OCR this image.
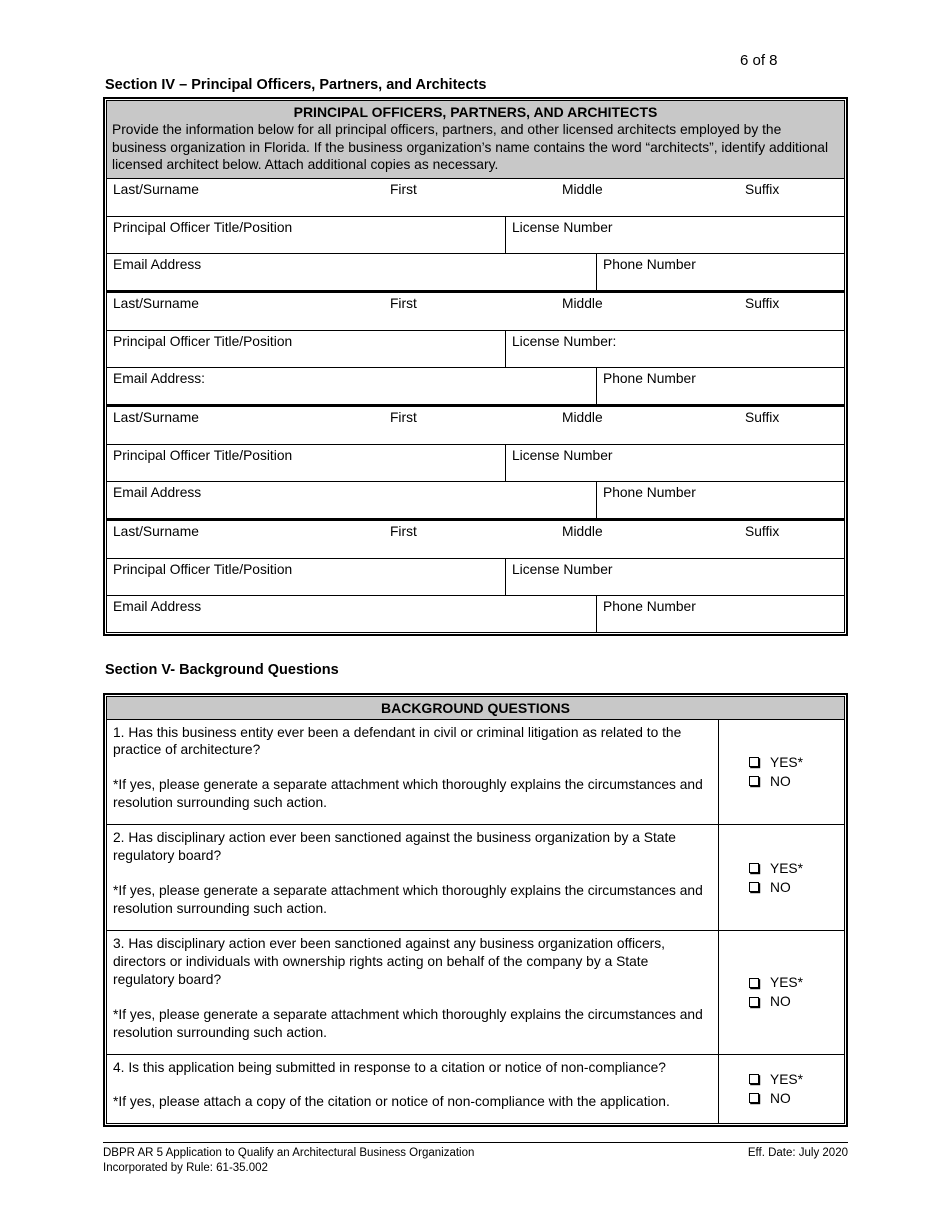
6 of 8
Section IV – Principal Officers, Partners, and Architects
PRINCIPAL OFFICERS, PARTNERS, AND ARCHITECTS
Provide the information below for all principal officers, partners, and other licensed architects employed by the business organization in Florida. If the business organization’s name contains the word “architects”, identify additional licensed architect below. Attach additional copies as necessary.
Last/Surname	First	Middle	Suffix
Principal Officer Title/Position	License Number
Email Address	Phone Number
Last/Surname	First	Middle	Suffix
Principal Officer Title/Position	License Number:
Email Address:	Phone Number
Last/Surname	First	Middle	Suffix
Principal Officer Title/Position	License Number
Email Address	Phone Number
Last/Surname	First	Middle	Suffix
Principal Officer Title/Position	License Number
Email Address	Phone Number
Section V- Background Questions
BACKGROUND QUESTIONS
1. Has this business entity ever been a defendant in civil or criminal litigation as related to the practice of architecture?
*If yes, please generate a separate attachment which thoroughly explains the circumstances and resolution surrounding such action.
YES*
NO
2. Has disciplinary action ever been sanctioned against the business organization by a State regulatory board?
*If yes, please generate a separate attachment which thoroughly explains the circumstances and resolution surrounding such action.
YES*
NO
3. Has disciplinary action ever been sanctioned against any business organization officers, directors or individuals with ownership rights acting on behalf of the company by a State regulatory board?
*If yes, please generate a separate attachment which thoroughly explains the circumstances and resolution surrounding such action.
YES*
NO
4. Is this application being submitted in response to a citation or notice of non-compliance?
*If yes, please attach a copy of the citation or notice of non-compliance with the application.
YES*
NO
DBPR AR 5 Application to Qualify an Architectural Business Organization
Incorporated by Rule: 61-35.002
Eff. Date: July 2020
